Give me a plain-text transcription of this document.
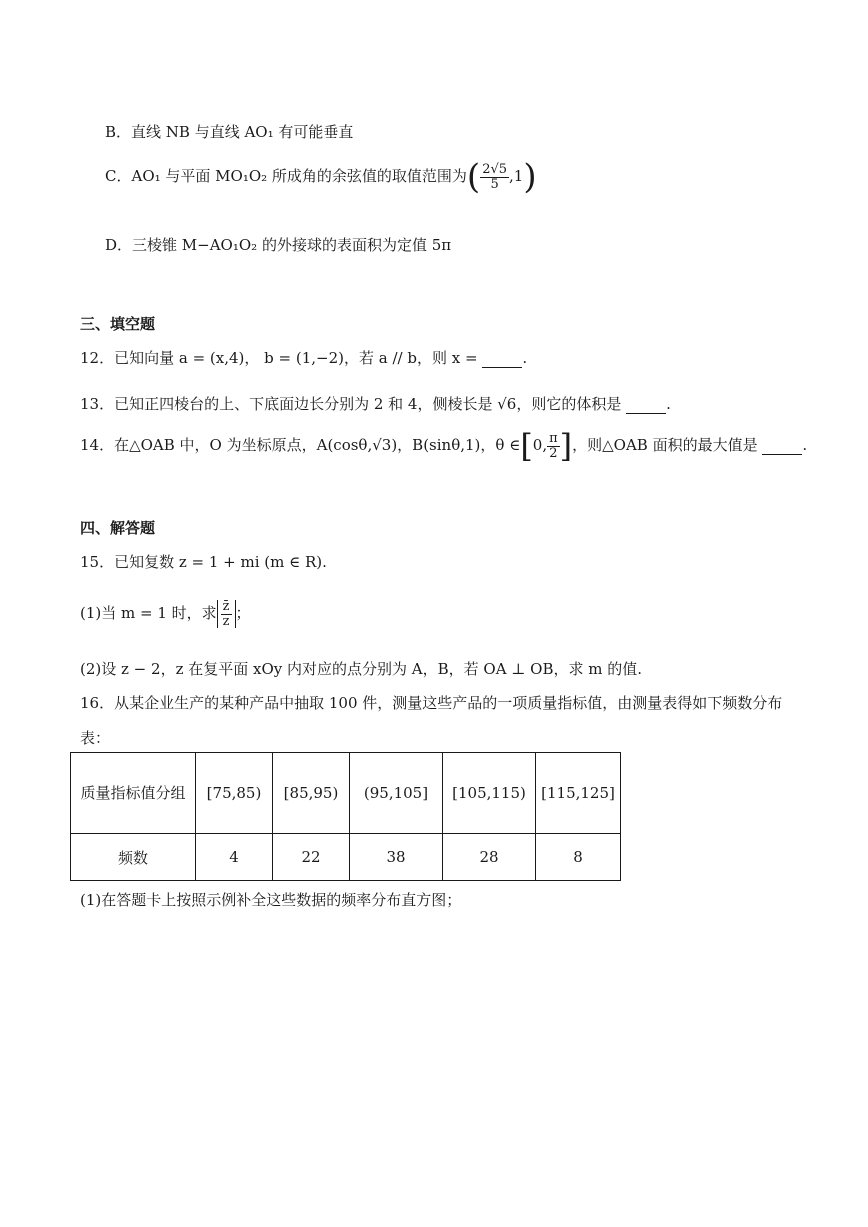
B．直线 NB 与直线 AO₁ 有可能垂直
C．AO₁ 与平面 MO₁O₂ 所成角的余弦值的取值范围为( $\frac{2√5}{5} ,1$)
D．三棱锥 M−AO₁O₂ 的外接球的表面积为定值 5π
三、填空题
12．已知向量 a = (x,4)， b = (1,−2)，若 a // b，则 x =	.
13．已知正四棱台的上、下底面边长分别为 2 和 4，侧棱长是 √6，则它的体积是	.
14．在△OAB 中，O 为坐标原点，A(cosθ,√3)，B(sinθ,1)，θ ∈[0, $\frac{\pi}{2}$ ]，则△OAB 面积的最大值是	.
四、解答题
15．已知复数 z = 1 + mi (m ∈ R).
(1)当 m = 1 时，求 $\frac{z̄}{z}$ ；
(2)设 z − 2，z 在复平面 xOy 内对应的点分别为 A，B，若 OA ⊥ OB，求 m 的值.
16．从某企业生产的某种产品中抽取 100 件，测量这些产品的一项质量指标值，由测量表得如下频数分布
表：
质量指标值分组	[75,85)	[85,95)	(95,105]	[105,115)	[115,125]
频数	4	22	38	28	8
(1)在答题卡上按照示例补全这些数据的频率分布直方图；
